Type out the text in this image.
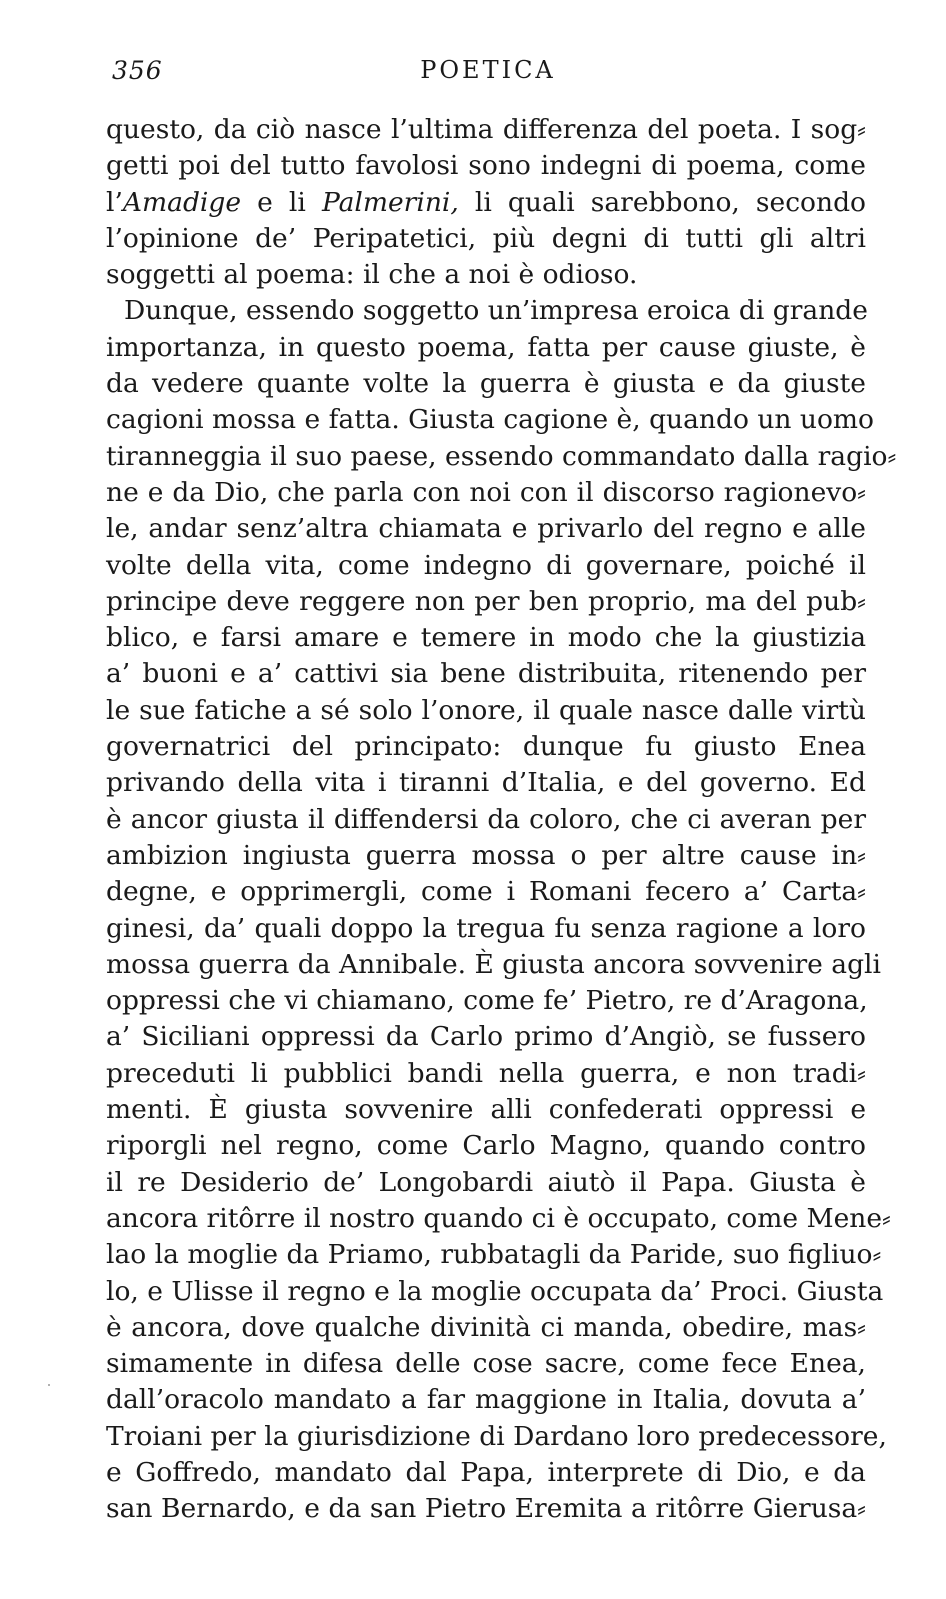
356	POETICA
questo, da ciò nasce l’ultima differenza del poeta. I sog⸗
getti poi del tutto favolosi sono indegni di poema, come
l’Amadige e li Palmerini, li quali sarebbono, secondo
l’opinione de’ Peripatetici, più degni di tutti gli altri
soggetti al poema: il che a noi è odioso.
Dunque, essendo soggetto un’impresa eroica di grande
importanza, in questo poema, fatta per cause giuste, è
da vedere quante volte la guerra è giusta e da giuste
cagioni mossa e fatta. Giusta cagione è, quando un uomo
tiranneggia il suo paese, essendo commandato dalla ragio⸗
ne e da Dio, che parla con noi con il discorso ragionevo⸗
le, andar senz’altra chiamata e privarlo del regno e alle
volte della vita, come indegno di governare, poiché il
principe deve reggere non per ben proprio, ma del pub⸗
blico, e farsi amare e temere in modo che la giustizia
a’ buoni e a’ cattivi sia bene distribuita, ritenendo per
le sue fatiche a sé solo l’onore, il quale nasce dalle virtù
governatrici del principato: dunque fu giusto Enea
privando della vita i tiranni d’Italia, e del governo. Ed
è ancor giusta il diffendersi da coloro, che ci averan per
ambizion ingiusta guerra mossa o per altre cause in⸗
degne, e opprimergli, come i Romani fecero a’ Carta⸗
ginesi, da’ quali doppo la tregua fu senza ragione a loro
mossa guerra da Annibale. È giusta ancora sovvenire agli
oppressi che vi chiamano, come fe’ Pietro, re d’Aragona,
a’ Siciliani oppressi da Carlo primo d’Angiò, se fussero
preceduti li pubblici bandi nella guerra, e non tradi⸗
menti. È giusta sovvenire alli confederati oppressi e
riporgli nel regno, come Carlo Magno, quando contro
il re Desiderio de’ Longobardi aiutò il Papa. Giusta è
ancora ritôrre il nostro quando ci è occupato, come Mene⸗
lao la moglie da Priamo, rubbatagli da Paride, suo figliuo⸗
lo, e Ulisse il regno e la moglie occupata da’ Proci. Giusta
è ancora, dove qualche divinità ci manda, obedire, mas⸗
simamente in difesa delle cose sacre, come fece Enea,
dall’oracolo mandato a far maggione in Italia, dovuta a’
Troiani per la giurisdizione di Dardano loro predecessore,
e Goffredo, mandato dal Papa, interprete di Dio, e da
san Bernardo, e da san Pietro Eremita a ritôrre Gierusa⸗
